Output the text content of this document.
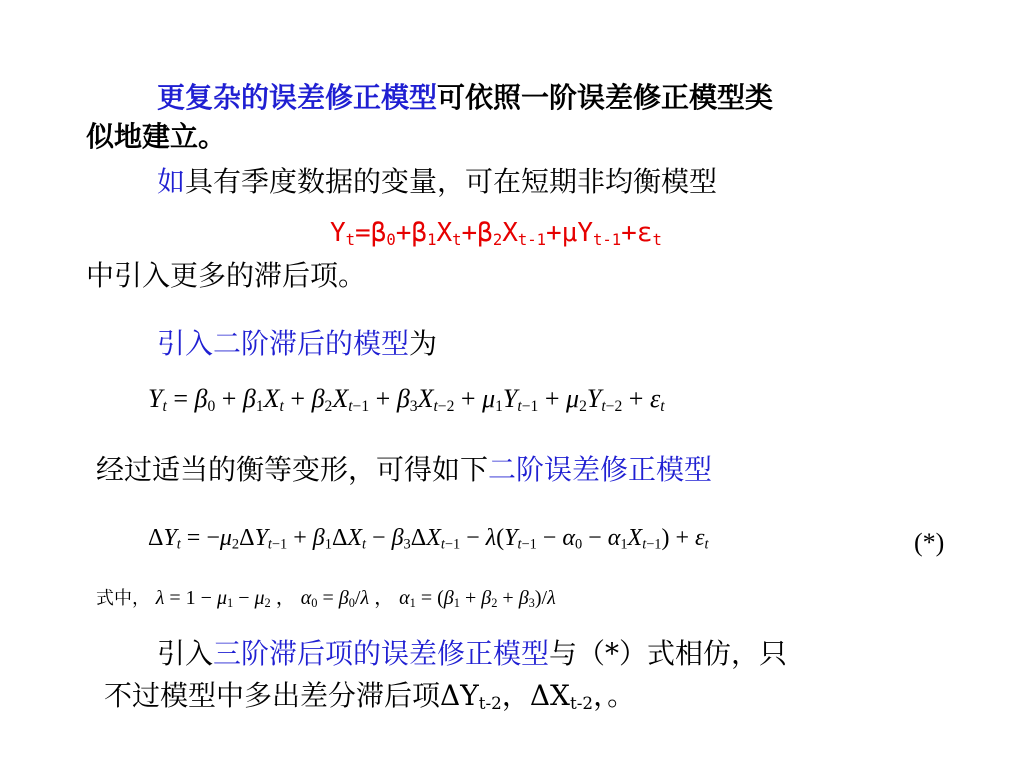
更复杂的误差修正模型可依照一阶误差修正模型类
似地建立。
如具有季度数据的变量，可在短期非均衡模型
$Y_t=\beta_0+\beta_1X_t+\beta_2X_{t-1}+\mu Y_{t-1}+\varepsilon_t$
中引入更多的滞后项。
引入二阶滞后的模型为
$Y_t = \beta_0 + \beta_1X_t + \beta_2X_{t-1} + \beta_3X_{t-2} + \mu_1Y_{t-1} + \mu_2Y_{t-2} + \varepsilon_t$
经过适当的衡等变形，可得如下二阶误差修正模型
$\Delta Y_t = -\mu_2\Delta Y_{t-1} + \beta_1\Delta X_t - \beta_3\Delta X_{t-1} - \lambda(Y_{t-1} - \alpha_0 - \alpha_1X_{t-1}) + \varepsilon_t$	(*)
式中， $\lambda = 1 - \mu_1 - \mu_2$ ， $\alpha_0 = \beta_0/\lambda$ ， $\alpha_1 = (\beta_1 + \beta_2 + \beta_3)/\lambda$
引入三阶滞后项的误差修正模型与（*）式相仿，只
不过模型中多出差分滞后项$\Delta Y_{t-2}$，$\Delta X_{t-2}$，。
